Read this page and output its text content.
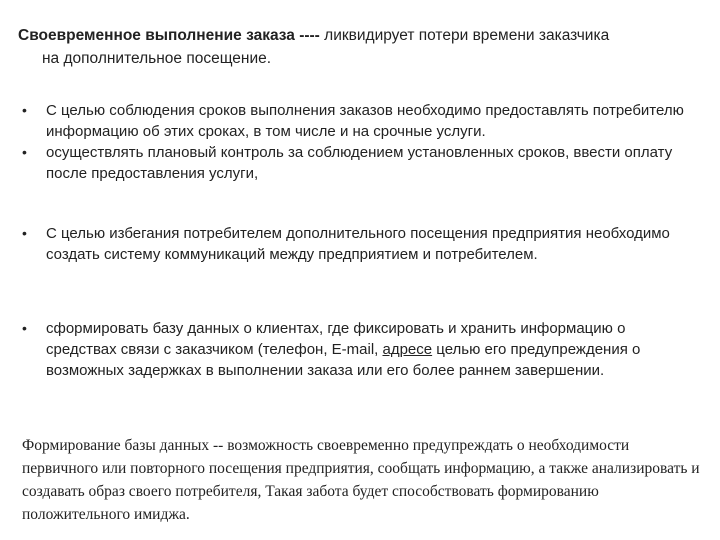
Своевременное выполнение заказа ---- ликвидирует потери времени заказчика
на дополнительное посещение.

• С целью соблюдения сроков выполнения заказов необходимо предоставлять потребителю информацию об этих сроках, в том числе и на срочные услуги.

• осуществлять плановый контроль за соблюдением установленных сроков, ввести оплату после предоставления услуги,

• С целью избегания потребителем дополнительного посещения предприятия необходимо создать систему коммуникаций между предприятием и потребителем.

• сформировать базу данных о клиентах, где фиксировать и хранить информацию о средствах связи с заказчиком (телефон, Е-mail, адресе целью его предупреждения о возможных задержках в выполнении заказа или его более раннем завершении.

Формирование базы данных -- возможность своевременно предупреждать о необходимости первичного или повторного посещения предприятия, сообщать информацию, а также анализировать и создавать образ своего потребителя, Такая забота будет способствовать формированию положительного имиджа.
